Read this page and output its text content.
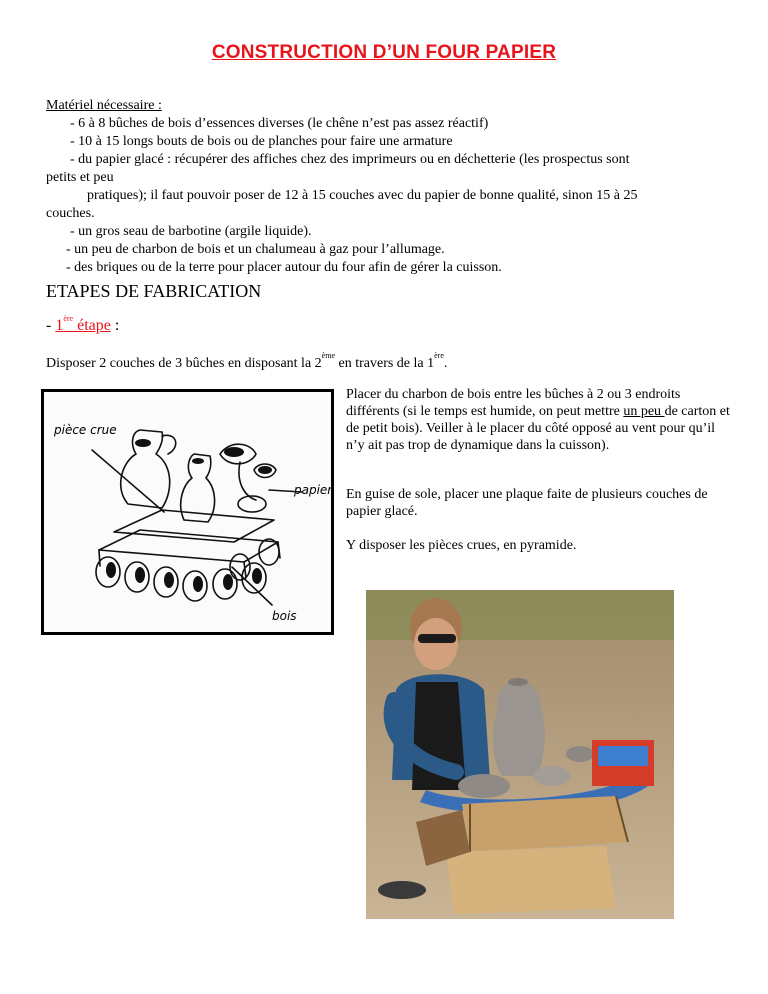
CONSTRUCTION D’UN FOUR PAPIER
Matériel nécessaire :
- 6 à 8 bûches de bois d’essences diverses (le chêne n’est pas assez réactif)
- 10 à 15 longs bouts de bois ou de planches pour faire une armature
- du papier glacé : récupérer des affiches chez des imprimeurs ou en déchetterie (les prospectus sont
petits et peu
pratiques); il faut pouvoir poser de 12 à 15 couches avec du papier de bonne qualité, sinon 15 à 25
couches.
- un gros seau de barbotine (argile liquide).
- un peu de charbon de bois et un chalumeau à gaz pour l’allumage.
- des briques ou de la terre pour placer autour du four afin de gérer la cuisson.
ETAPES DE FABRICATION
- 1ère étape :
Disposer 2 couches de 3 bûches en disposant la 2ème en travers de la 1ère.
Placer du charbon de bois entre les bûches à 2 ou 3 endroits différents (si le temps est humide, on peut mettre un peu de carton et de petit bois). Veiller à le placer du côté opposé au vent pour qu’il n’y ait pas trop de dynamique dans la cuisson).
En guise de sole, placer une plaque faite de plusieurs couches de papier glacé.
Y disposer les pièces crues, en pyramide.
pièce crue
papier
bois
